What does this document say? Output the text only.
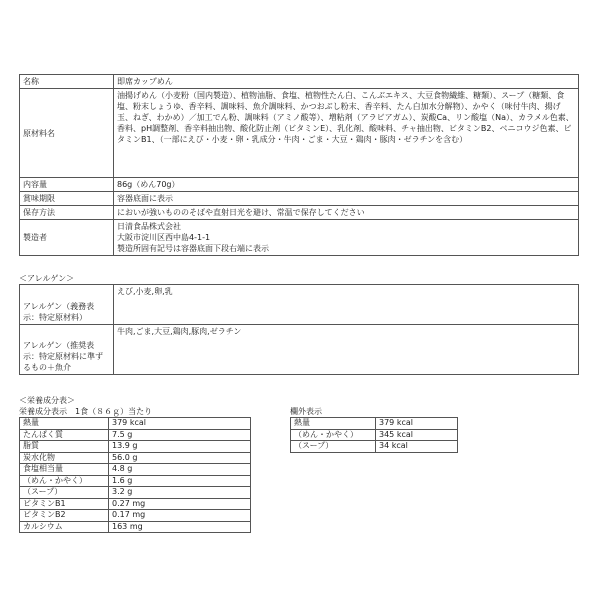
名称	即席カップめん
原材料名	油揚げめん（小麦粉（国内製造）、植物油脂、食塩、植物性たん白、こんぶエキス、大豆食物繊維、糖類）、スープ（糖類、食塩、粉末しょうゆ、香辛料、調味料、魚介調味料、かつおぶし粉末、香辛料、たん白加水分解物）、かやく（味付牛肉、揚げ玉、ねぎ、わかめ）／加工でん粉、調味料（アミノ酸等）、増粘剤（アラビアガム）、炭酸Ca、リン酸塩（Na）、カラメル色素、香料、pH調整剤、香辛料抽出物、酸化防止剤（ビタミンE）、乳化剤、酸味料、チャ抽出物、ビタミンB2、ベニコウジ色素、ビタミンB1、（一部にえび・小麦・卵・乳成分・牛肉・ごま・大豆・鶏肉・豚肉・ゼラチンを含む）
内容量	86g（めん70g）
賞味期限	容器底面に表示
保存方法	においが強いもののそばや直射日光を避け、常温で保存してください
製造者	日清食品株式会社
大阪市淀川区西中島4-1-1
製造所固有記号は容器底面下段右端に表示
＜アレルゲン＞
アレルゲン（義務表示：特定原材料）	えび,小麦,卵,乳
アレルゲン（推奨表示：特定原材料に準ずるもの＋魚介	牛肉,ごま,大豆,鶏肉,豚肉,ゼラチン
＜栄養成分表＞
栄養成分表示　1食（８６ｇ）当たり
熱量	379 kcal
たんぱく質	7.5 g
脂質	13.9 g
炭水化物	56.0 g
食塩相当量	4.8 g
（めん・かやく）	1.6 g
（スープ）	3.2 g
ビタミンB1	0.27 mg
ビタミンB2	0.17 mg
カルシウム	163 mg
欄外表示
熱量	379 kcal
（めん・かやく）	345 kcal
（スープ）	34 kcal
